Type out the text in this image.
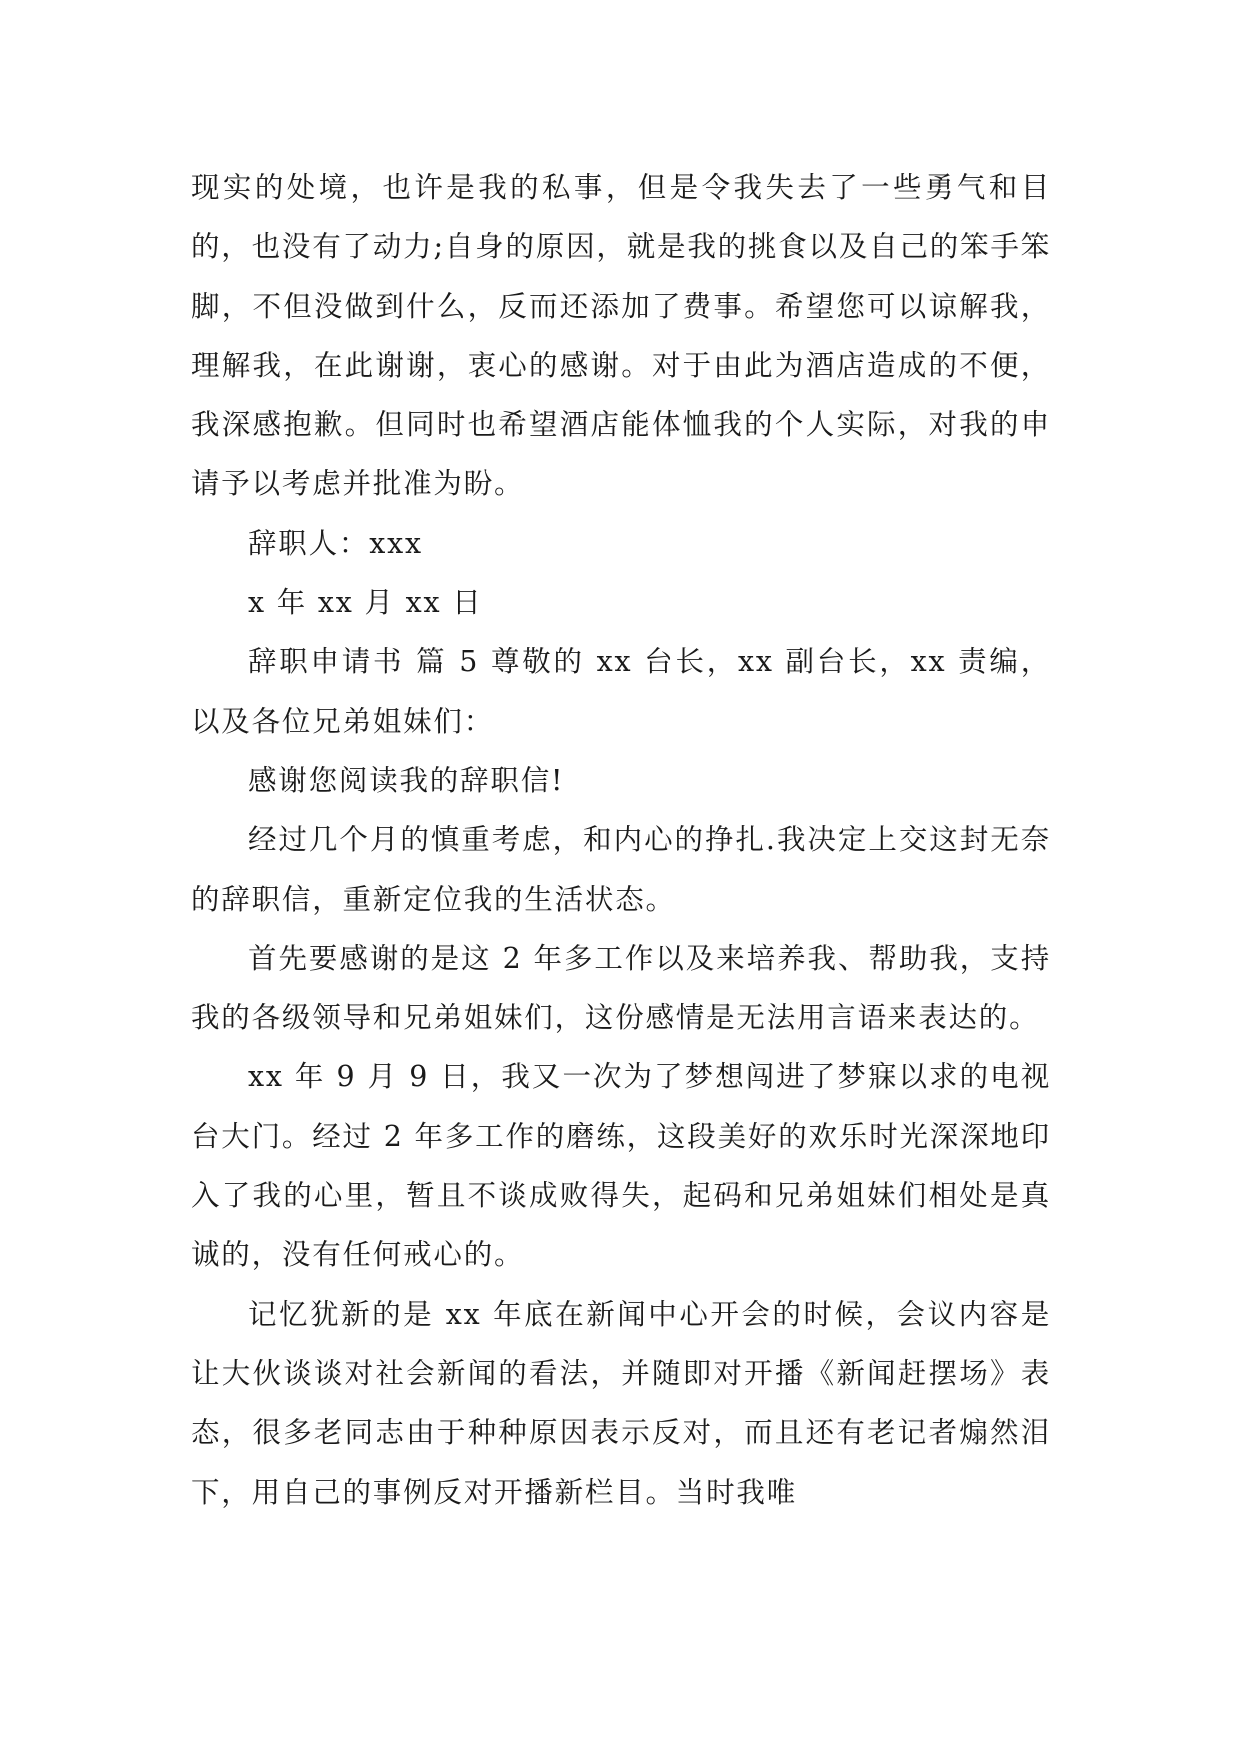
现实的处境，也许是我的私事，但是令我失去了一些勇气和目的，也没有了动力;自身的原因，就是我的挑食以及自己的笨手笨脚，不但没做到什么，反而还添加了费事。希望您可以谅解我，理解我，在此谢谢，衷心的感谢。对于由此为酒店造成的不便，我深感抱歉。但同时也希望酒店能体恤我的个人实际，对我的申请予以考虑并批准为盼。

辞职人：xxx

x 年 xx 月 xx 日

辞职申请书 篇 5 尊敬的 xx 台长，xx 副台长，xx 责编，以及各位兄弟姐妹们：

感谢您阅读我的辞职信!

经过几个月的慎重考虑，和内心的挣扎.我决定上交这封无奈的辞职信，重新定位我的生活状态。

首先要感谢的是这 2 年多工作以及来培养我、帮助我，支持我的各级领导和兄弟姐妹们，这份感情是无法用言语来表达的。

xx 年 9 月 9 日，我又一次为了梦想闯进了梦寐以求的电视台大门。经过 2 年多工作的磨练，这段美好的欢乐时光深深地印入了我的心里，暂且不谈成败得失，起码和兄弟姐妹们相处是真诚的，没有任何戒心的。

记忆犹新的是 xx 年底在新闻中心开会的时候，会议内容是让大伙谈谈对社会新闻的看法，并随即对开播《新闻赶摆场》表态，很多老同志由于种种原因表示反对，而且还有老记者煽然泪下，用自己的事例反对开播新栏目。当时我唯
